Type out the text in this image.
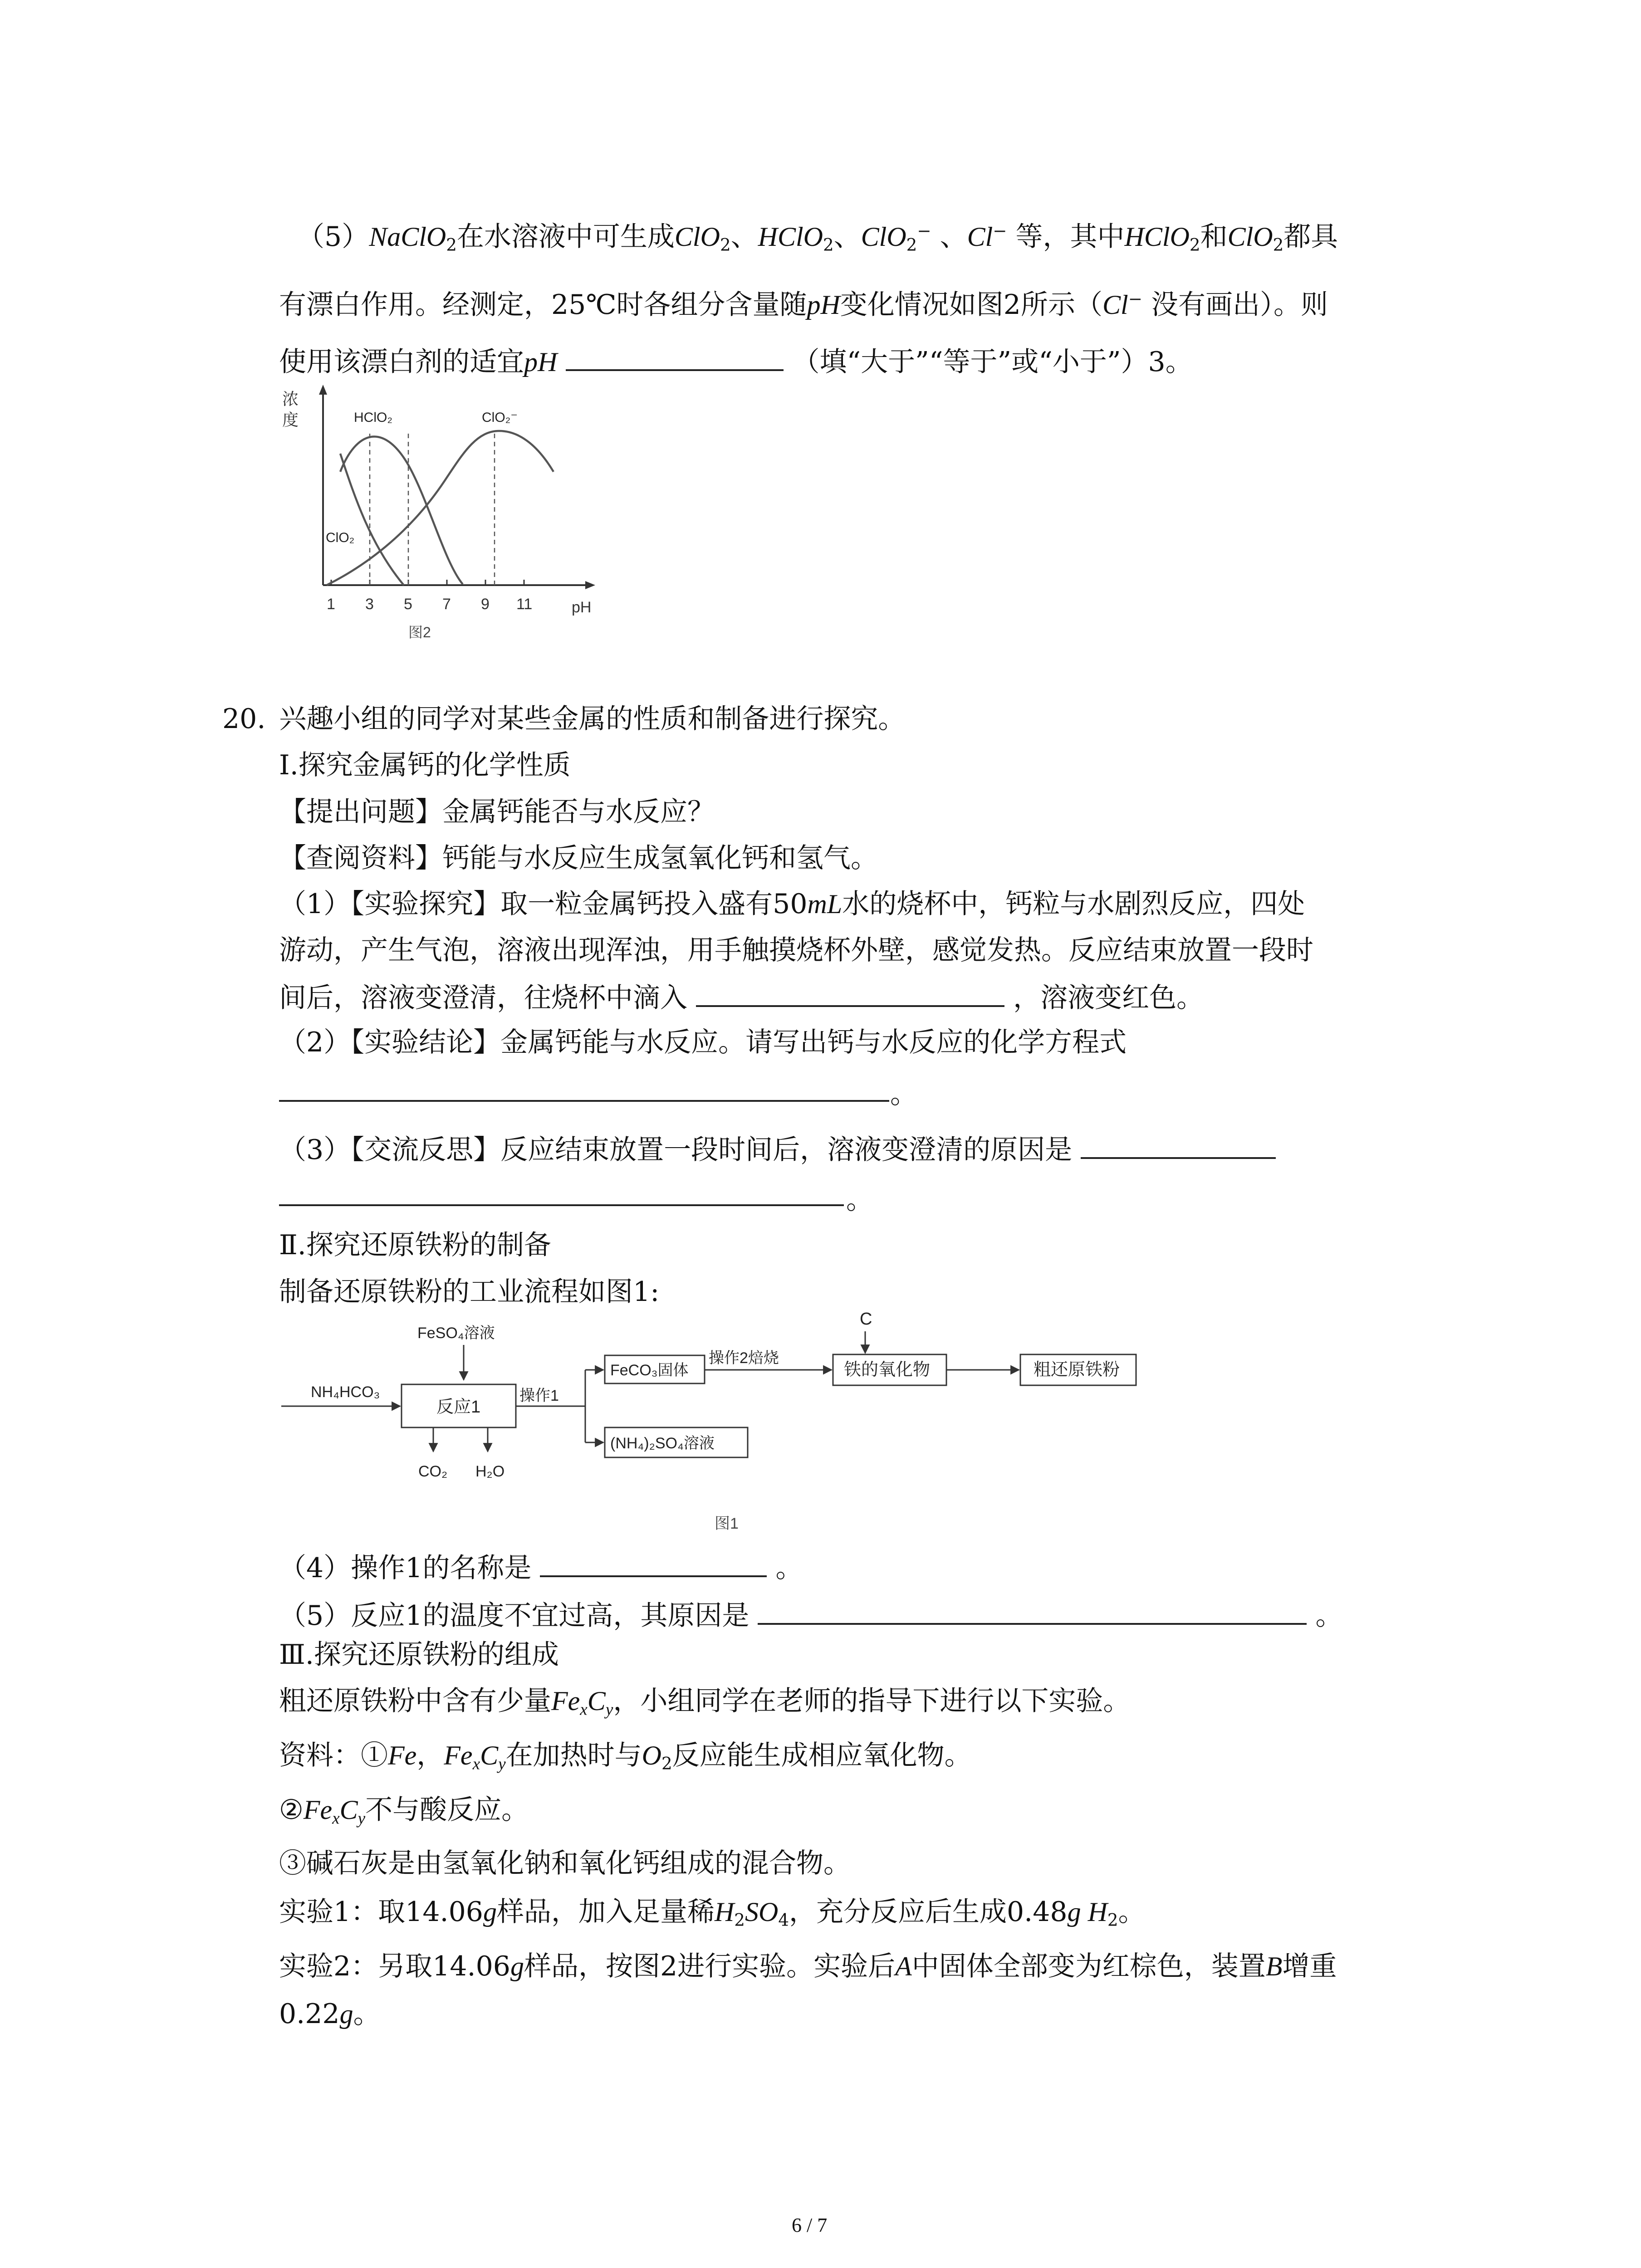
（5）NaClO$_2$在水溶液中可生成ClO$_2$、HClO$_2$、ClO$_2$− 、Cl− 等，其中HClO$_2$和ClO$_2$都具
有漂白作用。经测定，25℃时各组分含量随pH变化情况如图2所示（Cl− 没有画出）。则
使用该漂白剂的适宜pH	（填“大于”“等于”或“小于”）3。
浓
度
1 3 5 7 9 11	pH
HClO₂	ClO₂⁻
ClO₂
图2
20. 兴趣小组的同学对某些金属的性质和制备进行探究。
Ⅰ.探究金属钙的化学性质
【提出问题】金属钙能否与水反应？
【查阅资料】钙能与水反应生成氢氧化钙和氢气。
（1）【实验探究】取一粒金属钙投入盛有50mL水的烧杯中，钙粒与水剧烈反应，四处
游动，产生气泡，溶液出现浑浊，用手触摸烧杯外壁，感觉发热。反应结束放置一段时
间后，溶液变澄清，往烧杯中滴入	，溶液变红色。
（2）【实验结论】金属钙能与水反应。请写出钙与水反应的化学方程式
。
（3）【交流反思】反应结束放置一段时间后，溶液变澄清的原因是
。
Ⅱ.探究还原铁粉的制备
制备还原铁粉的工业流程如图1:
FeSO₄溶液
NH₄HCO₃
反应1
操作1
FeCO₃固体
操作2焙烧
C
铁的氧化物	粗还原铁粉
(NH₄)₂SO₄溶液
CO₂ H₂O
图1
（4）操作1的名称是	。
（5）反应1的温度不宜过高，其原因是	。
Ⅲ.探究还原铁粉的组成
粗还原铁粉中含有少量$Fe_xC_y$，小组同学在老师的指导下进行以下实验。
资料：①Fe，$Fe_xC_y$在加热时与$O_2$反应能生成相应氧化物。
$②Fe_xC_y$不与酸反应。
③碱石灰是由氢氧化钠和氧化钙组成的混合物。
实验1：取14.06g样品，加入足量稀$H_2SO_4$，充分反应后生成0.48g $H_2$。
实验2：另取14.06g样品，按图2进行实验。实验后A中固体全部变为红棕色，装置B增重
0.22g。
6 / 7
